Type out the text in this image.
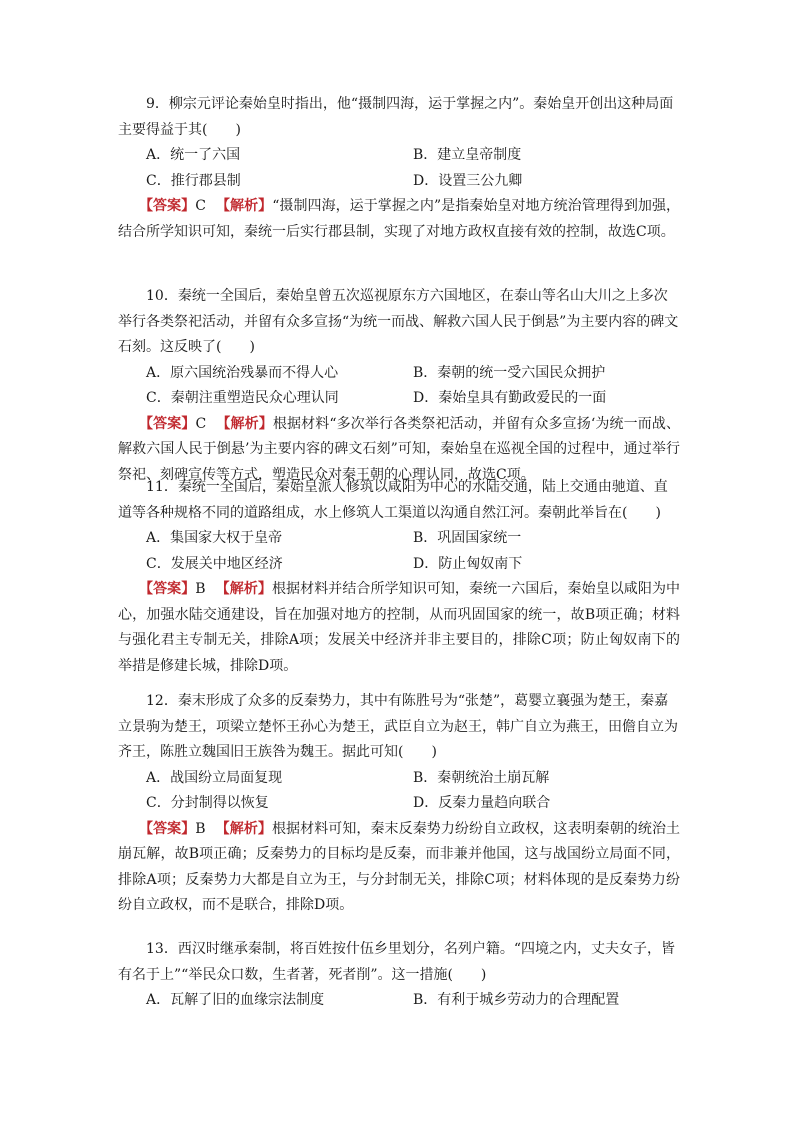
9．柳宗元评论秦始皇时指出，他“摄制四海，运于掌握之内”。秦始皇开创出这种局面主要得益于其(　　)

A．统一了六国	B．建立皇帝制度
C．推行郡县制	D．设置三公九卿

【答案】C 【解析】“摄制四海，运于掌握之内”是指秦始皇对地方统治管理得到加强，结合所学知识可知，秦统一后实行郡县制，实现了对地方政权直接有效的控制，故选C项。

10．秦统一全国后，秦始皇曾五次巡视原东方六国地区，在泰山等名山大川之上多次举行各类祭祀活动，并留有众多宣扬“为统一而战、解救六国人民于倒悬”为主要内容的碑文石刻。这反映了(　　)

A．原六国统治残暴而不得人心	B．秦朝的统一受六国民众拥护
C．秦朝注重塑造民众心理认同	D．秦始皇具有勤政爱民的一面

【答案】C 【解析】根据材料“多次举行各类祭祀活动，并留有众多宣扬‘为统一而战、解救六国人民于倒悬’为主要内容的碑文石刻”可知，秦始皇在巡视全国的过程中，通过举行祭祀、刻碑宣传等方式，塑造民众对秦王朝的心理认同，故选C项。

11．秦统一全国后，秦始皇派人修筑以咸阳为中心的水陆交通，陆上交通由驰道、直道等各种规格不同的道路组成，水上修筑人工渠道以沟通自然江河。秦朝此举旨在(　　)

A．集国家大权于皇帝	B．巩固国家统一
C．发展关中地区经济	D．防止匈奴南下

【答案】B 【解析】根据材料并结合所学知识可知，秦统一六国后，秦始皇以咸阳为中心，加强水陆交通建设，旨在加强对地方的控制，从而巩固国家的统一，故B项正确；材料与强化君主专制无关，排除A项；发展关中经济并非主要目的，排除C项；防止匈奴南下的举措是修建长城，排除D项。

12．秦末形成了众多的反秦势力，其中有陈胜号为“张楚”，葛婴立襄强为楚王，秦嘉立景驹为楚王，项梁立楚怀王孙心为楚王，武臣自立为赵王，韩广自立为燕王，田儋自立为齐王，陈胜立魏国旧王族咎为魏王。据此可知(　　)

A．战国纷立局面复现	B．秦朝统治土崩瓦解
C．分封制得以恢复	D．反秦力量趋向联合

【答案】B 【解析】根据材料可知，秦末反秦势力纷纷自立政权，这表明秦朝的统治土崩瓦解，故B项正确；反秦势力的目标均是反秦，而非兼并他国，这与战国纷立局面不同，排除A项；反秦势力大都是自立为王，与分封制无关，排除C项；材料体现的是反秦势力纷纷自立政权，而不是联合，排除D项。

13．西汉时继承秦制，将百姓按什伍乡里划分，名列户籍。“四境之内，丈夫女子，皆有名于上”“举民众口数，生者著，死者削”。这一措施(　　)

A．瓦解了旧的血缘宗法制度	B．有利于城乡劳动力的合理配置
